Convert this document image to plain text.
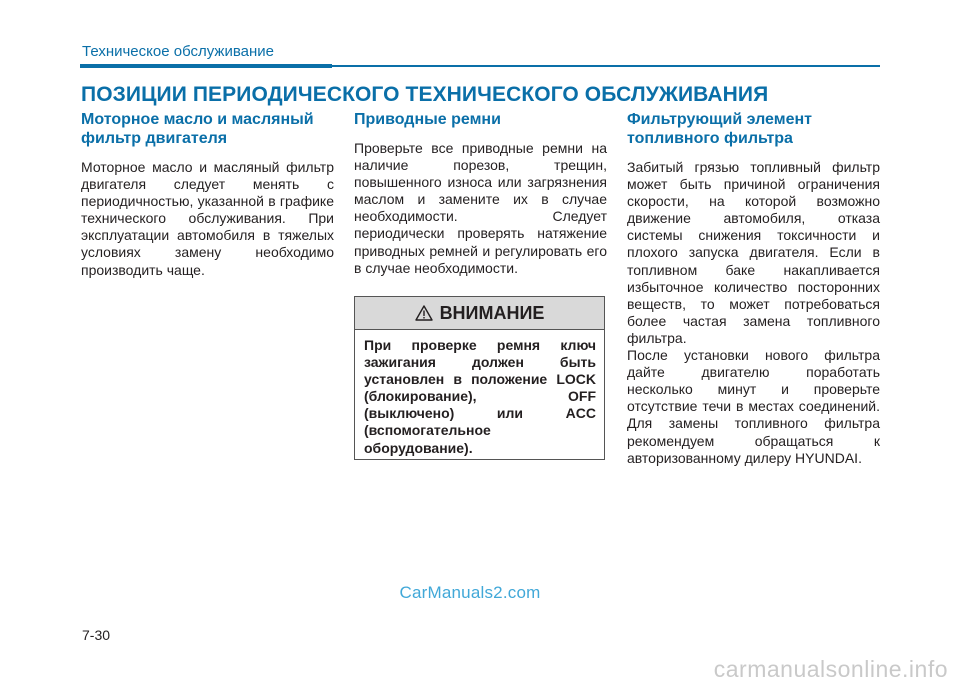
Техническое обслуживание
ПОЗИЦИИ ПЕРИОДИЧЕСКОГО ТЕХНИЧЕСКОГО ОБСЛУЖИВАНИЯ
Моторное масло и масляный фильтр двигателя

Моторное масло и масляный фильтр двигателя следует менять с периодичностью, указанной в графике технического обслуживания. При эксплуатации автомобиля в тяжелых условиях замену необходимо производить чаще.

Приводные ремни

Проверьте все приводные ремни на наличие порезов, трещин, повышенного износа или загрязнения маслом и замените их в случае необходимости. Следует периодически проверять натяжение приводных ремней и регулировать его в случае необходимости.

ВНИМАНИЕ
При проверке ремня ключ зажигания должен быть установлен в положение LOCK (блокирование), OFF (выключено) или ACC (вспомогательное оборудование).
Фильтрующий элемент топливного фильтра

Забитый грязью топливный фильтр может быть причиной ограничения скорости, на которой возможно движение автомобиля, отказа системы снижения токсичности и плохого запуска двигателя. Если в топливном баке накапливается избыточное количество посторонних веществ, то может потребоваться более частая замена топливного фильтра.

После установки нового фильтра дайте двигателю поработать несколько минут и проверьте отсутствие течи в местах соединений. Для замены топливного фильтра рекомендуем обращаться к авторизованному дилеру HYUNDAI.

CarManuals2.com
7-30
carmanualsonline.info
